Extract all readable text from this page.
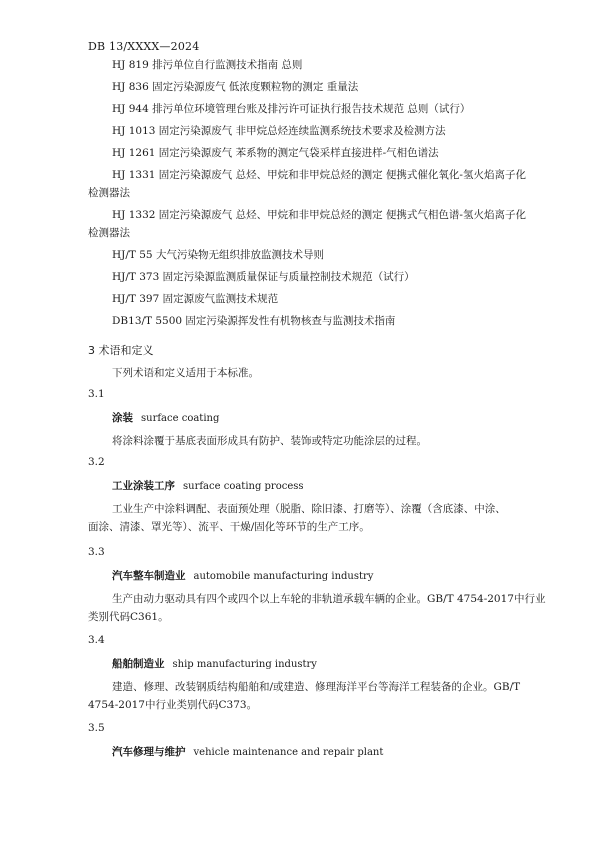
DB 13/XXXX—2024
HJ 819 排污单位自行监测技术指南 总则
HJ 836 固定污染源废气 低浓度颗粒物的测定 重量法
HJ 944 排污单位环境管理台账及排污许可证执行报告技术规范 总则（试行）
HJ 1013 固定污染源废气 非甲烷总烃连续监测系统技术要求及检测方法
HJ 1261 固定污染源废气 苯系物的测定气袋采样直接进样-气相色谱法
HJ 1331 固定污染源废气 总烃、甲烷和非甲烷总烃的测定 便携式催化氧化-氢火焰离子化
检测器法
HJ 1332 固定污染源废气 总烃、甲烷和非甲烷总烃的测定 便携式气相色谱-氢火焰离子化
检测器法
HJ/T 55 大气污染物无组织排放监测技术导则
HJ/T 373 固定污染源监测质量保证与质量控制技术规范（试行）
HJ/T 397 固定源废气监测技术规范
DB13/T 5500 固定污染源挥发性有机物核查与监测技术指南
3 术语和定义
下列术语和定义适用于本标准。
3.1
涂装 surface coating
将涂料涂覆于基底表面形成具有防护、装饰或特定功能涂层的过程。
3.2
工业涂装工序 surface coating process
工业生产中涂料调配、表面预处理（脱脂、除旧漆、打磨等）、涂覆（含底漆、中涂、
面涂、清漆、罩光等）、流平、干燥/固化等环节的生产工序。
3.3
汽车整车制造业 automobile manufacturing industry
生产由动力驱动具有四个或四个以上车轮的非轨道承载车辆的企业。GB/T 4754-2017中行业
类别代码C361。
3.4
船舶制造业 ship manufacturing industry
建造、修理、改装钢质结构船舶和/或建造、修理海洋平台等海洋工程装备的企业。GB/T
4754-2017中行业类别代码C373。
3.5
汽车修理与维护 vehicle maintenance and repair plant
